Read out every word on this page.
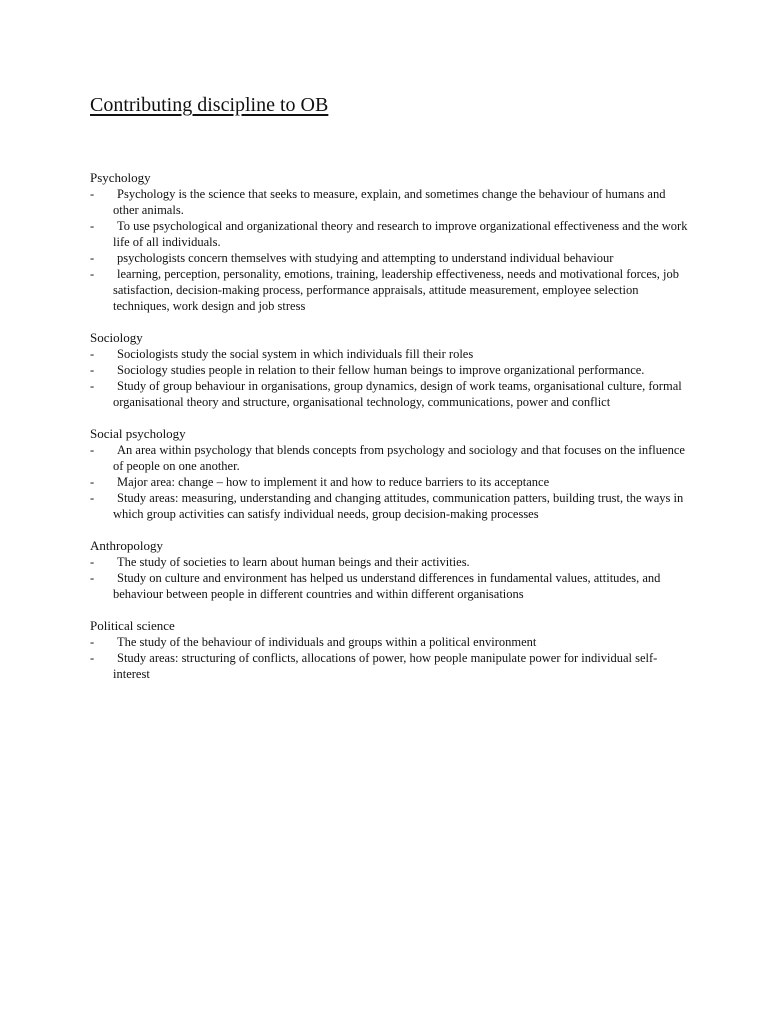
Contributing discipline to OB

Psychology

- Psychology is the science that seeks to measure, explain, and sometimes change the behaviour of humans and other animals.
- To use psychological and organizational theory and research to improve organizational effectiveness and the work life of all individuals.
- psychologists concern themselves with studying and attempting to understand individual behaviour
- learning, perception, personality, emotions, training, leadership effectiveness, needs and motivational forces, job satisfaction, decision-making process, performance appraisals, attitude measurement, employee selection techniques, work design and job stress

Sociology

- Sociologists study the social system in which individuals fill their roles
- Sociology studies people in relation to their fellow human beings to improve organizational performance.
- Study of group behaviour in organisations, group dynamics, design of work teams, organisational culture, formal organisational theory and structure, organisational technology, communications, power and conflict

Social psychology

- An area within psychology that blends concepts from psychology and sociology and that focuses on the influence of people on one another.
- Major area: change – how to implement it and how to reduce barriers to its acceptance
- Study areas: measuring, understanding and changing attitudes, communication patters, building trust, the ways in which group activities can satisfy individual needs, group decision-making processes

Anthropology

- The study of societies to learn about human beings and their activities.
- Study on culture and environment has helped us understand differences in fundamental values, attitudes, and behaviour between people in different countries and within different organisations

Political science

- The study of the behaviour of individuals and groups within a political environment
- Study areas: structuring of conflicts, allocations of power, how people manipulate power for individual self-interest
